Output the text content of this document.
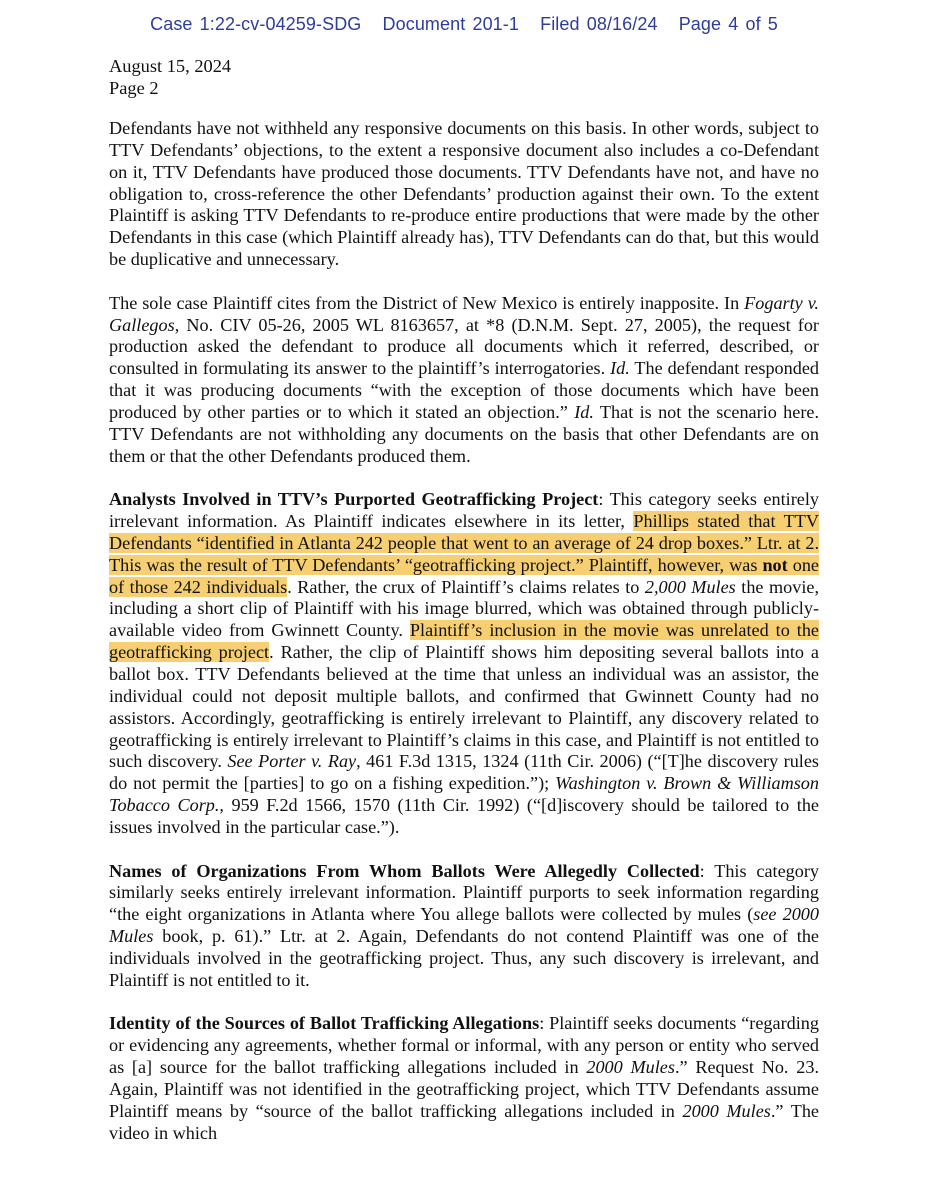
Case 1:22-cv-04259-SDG Document 201-1 Filed 08/16/24 Page 4 of 5
August 15, 2024
Page 2

Defendants have not withheld any responsive documents on this basis. In other words, subject to TTV Defendants’ objections, to the extent a responsive document also includes a co-Defendant on it, TTV Defendants have produced those documents. TTV Defendants have not, and have no obligation to, cross-reference the other Defendants’ production against their own. To the extent Plaintiff is asking TTV Defendants to re-produce entire productions that were made by the other Defendants in this case (which Plaintiff already has), TTV Defendants can do that, but this would be duplicative and unnecessary.

The sole case Plaintiff cites from the District of New Mexico is entirely inapposite. In Fogarty v. Gallegos, No. CIV 05-26, 2005 WL 8163657, at *8 (D.N.M. Sept. 27, 2005), the request for production asked the defendant to produce all documents which it referred, described, or consulted in formulating its answer to the plaintiff’s interrogatories. Id. The defendant responded that it was producing documents “with the exception of those documents which have been produced by other parties or to which it stated an objection.” Id. That is not the scenario here. TTV Defendants are not withholding any documents on the basis that other Defendants are on them or that the other Defendants produced them.

Analysts Involved in TTV’s Purported Geotrafficking Project: This category seeks entirely irrelevant information. As Plaintiff indicates elsewhere in its letter, Phillips stated that TTV Defendants “identified in Atlanta 242 people that went to an average of 24 drop boxes.” Ltr. at 2. This was the result of TTV Defendants’ “geotrafficking project.” Plaintiff, however, was not one of those 242 individuals. Rather, the crux of Plaintiff’s claims relates to 2,000 Mules the movie, including a short clip of Plaintiff with his image blurred, which was obtained through publicly-available video from Gwinnett County. Plaintiff’s inclusion in the movie was unrelated to the geotrafficking project. Rather, the clip of Plaintiff shows him depositing several ballots into a ballot box. TTV Defendants believed at the time that unless an individual was an assistor, the individual could not deposit multiple ballots, and confirmed that Gwinnett County had no assistors. Accordingly, geotrafficking is entirely irrelevant to Plaintiff, any discovery related to geotrafficking is entirely irrelevant to Plaintiff’s claims in this case, and Plaintiff is not entitled to such discovery. See Porter v. Ray, 461 F.3d 1315, 1324 (11th Cir. 2006) (“[T]he discovery rules do not permit the [parties] to go on a fishing expedition.”); Washington v. Brown & Williamson Tobacco Corp., 959 F.2d 1566, 1570 (11th Cir. 1992) (“[d]iscovery should be tailored to the issues involved in the particular case.”).

Names of Organizations From Whom Ballots Were Allegedly Collected: This category similarly seeks entirely irrelevant information. Plaintiff purports to seek information regarding “the eight organizations in Atlanta where You allege ballots were collected by mules (see 2000 Mules book, p. 61).” Ltr. at 2. Again, Defendants do not contend Plaintiff was one of the individuals involved in the geotrafficking project. Thus, any such discovery is irrelevant, and Plaintiff is not entitled to it.

Identity of the Sources of Ballot Trafficking Allegations: Plaintiff seeks documents “regarding or evidencing any agreements, whether formal or informal, with any person or entity who served as [a] source for the ballot trafficking allegations included in 2000 Mules.” Request No. 23. Again, Plaintiff was not identified in the geotrafficking project, which TTV Defendants assume Plaintiff means by “source of the ballot trafficking allegations included in 2000 Mules.” The video in which
